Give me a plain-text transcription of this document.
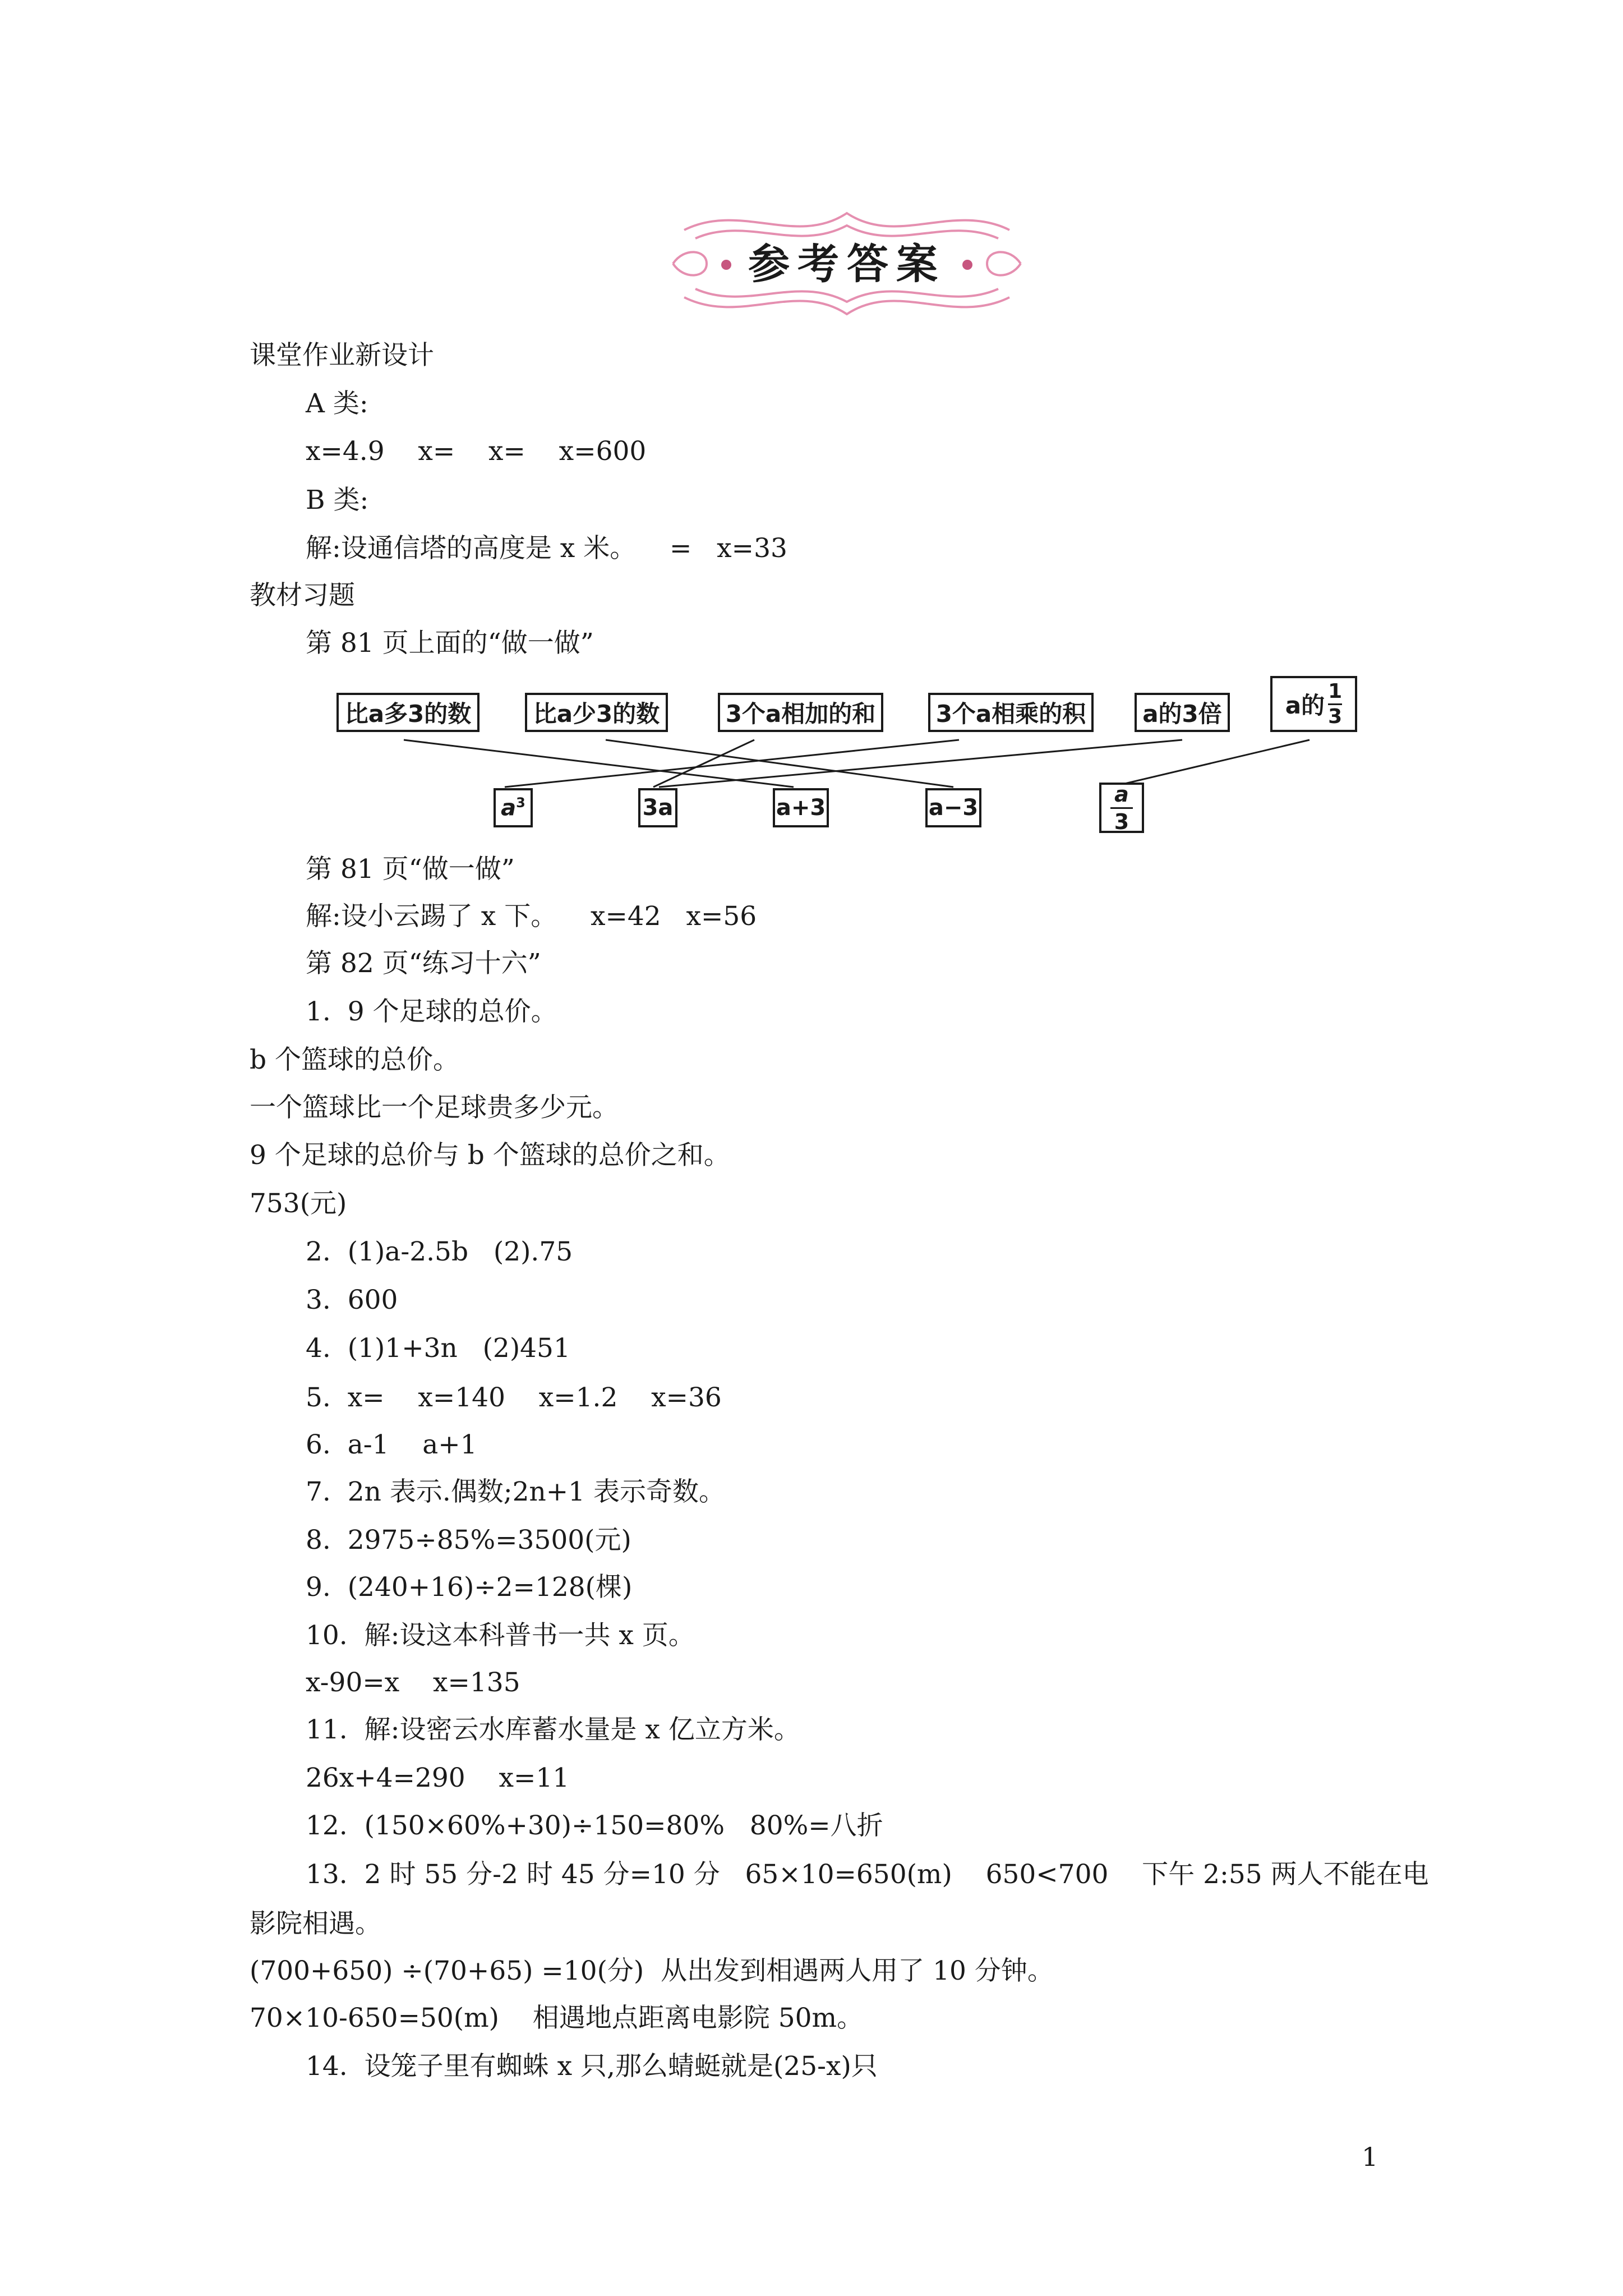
参考答案
课堂作业新设计
A 类:
x=4.9    x=    x=    x=600
B 类:
解:设通信塔的高度是 x 米。    =   x=33
教材习题
第 81 页上面的“做一做”
第 81 页“做一做”
解:设小云踢了 x 下。    x=42   x=56
第 82 页“练习十六”
1.  9 个足球的总价。
b 个篮球的总价。
一个篮球比一个足球贵多少元。
9 个足球的总价与 b 个篮球的总价之和。
753(元)
2.  (1)a-2.5b   (2).75
3.  600
4.  (1)1+3n   (2)451
5.  x=    x=140    x=1.2    x=36
6.  a-1    a+1
7.  2n 表示.偶数;2n+1 表示奇数。
8.  2975÷85%=3500(元)
9.  (240+16)÷2=128(棵)
10.  解:设这本科普书一共 x 页。
x-90=x    x=135
11.  解:设密云水库蓄水量是 x 亿立方米。
26x+4=290    x=11
12.  (150×60%+30)÷150=80%   80%=八折
13.  2 时 55 分-2 时 45 分=10 分   65×10=650(m)    650<700    下午 2:55 两人不能在电
影院相遇。
(700+650) ÷(70+65) =10(分)  从出发到相遇两人用了 10 分钟。
70×10-650=50(m)    相遇地点距离电影院 50m。
14.  设笼子里有蜘蛛 x 只,那么蜻蜓就是(25-x)只
比a多3的数	比a少3的数	3个a相加的和	3个a相乘的积 a的3倍	a的 $\frac{1}{3}$
$a^3$	3a	a+3	a−3	$\frac{a}{3}$
1
